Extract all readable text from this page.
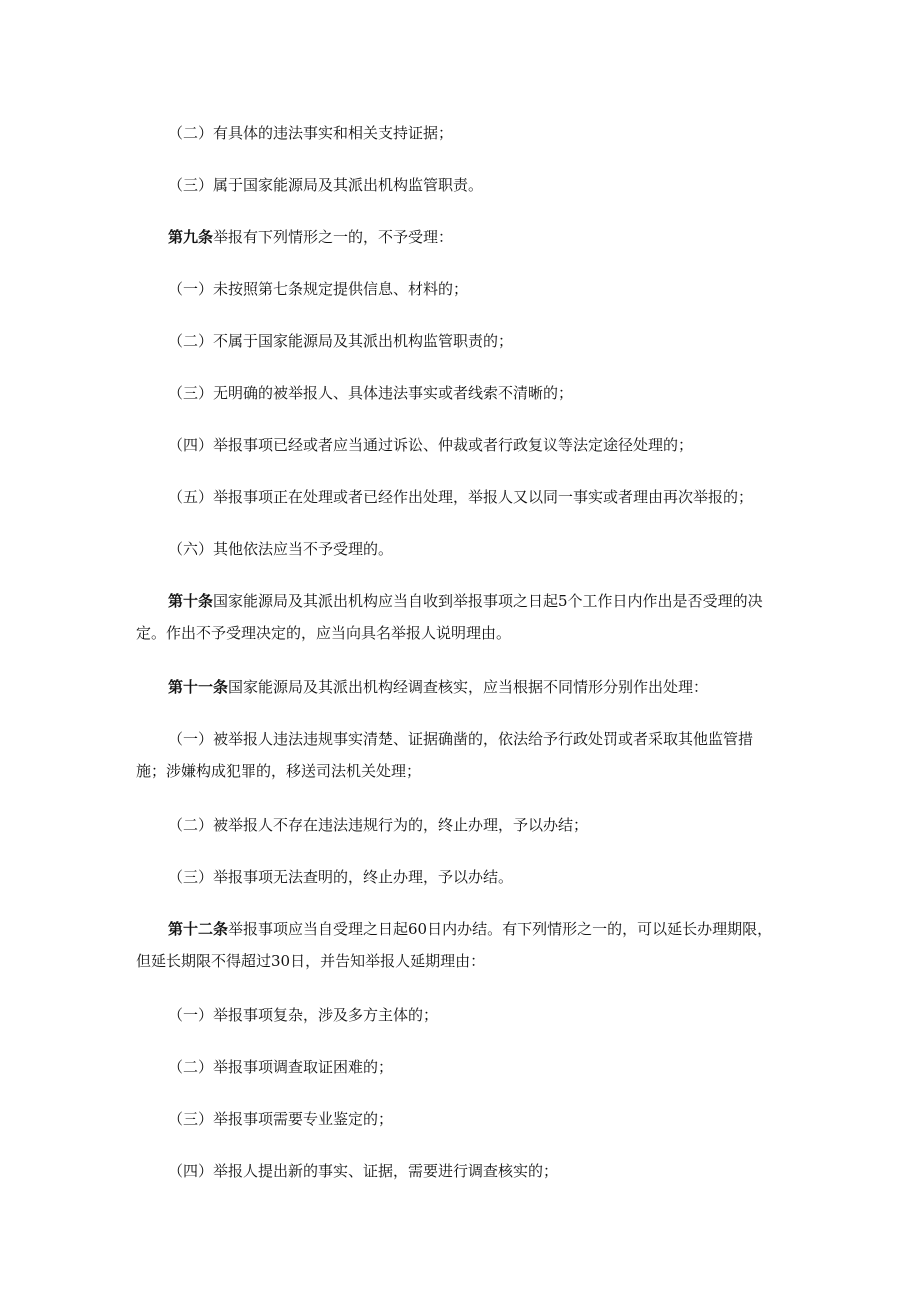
（二）有具体的违法事实和相关支持证据；

（三）属于国家能源局及其派出机构监管职责。

第九条举报有下列情形之一的，不予受理：

（一）未按照第七条规定提供信息、材料的；

（二）不属于国家能源局及其派出机构监管职责的；

（三）无明确的被举报人、具体违法事实或者线索不清晰的；

（四）举报事项已经或者应当通过诉讼、仲裁或者行政复议等法定途径处理的；

（五）举报事项正在处理或者已经作出处理，举报人又以同一事实或者理由再次举报的；

（六）其他依法应当不予受理的。

第十条国家能源局及其派出机构应当自收到举报事项之日起5个工作日内作出是否受理的决定。作出不予受理决定的，应当向具名举报人说明理由。

第十一条国家能源局及其派出机构经调查核实，应当根据不同情形分别作出处理：

（一）被举报人违法违规事实清楚、证据确凿的，依法给予行政处罚或者采取其他监管措施；涉嫌构成犯罪的，移送司法机关处理；

（二）被举报人不存在违法违规行为的，终止办理，予以办结；

（三）举报事项无法查明的，终止办理，予以办结。

第十二条举报事项应当自受理之日起60日内办结。有下列情形之一的，可以延长办理期限，但延长期限不得超过30日，并告知举报人延期理由：

（一）举报事项复杂，涉及多方主体的；

（二）举报事项调查取证困难的；

（三）举报事项需要专业鉴定的；

（四）举报人提出新的事实、证据，需要进行调查核实的；
